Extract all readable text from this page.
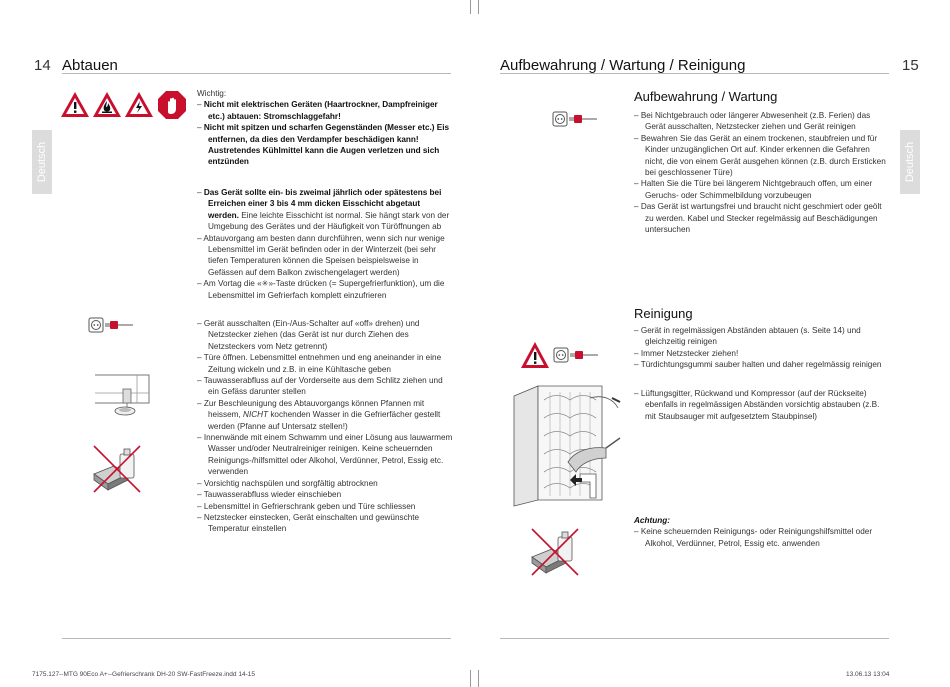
14 Abtauen
Deutsch

Wichtig:

– Nicht mit elektrischen Geräten (Haartrockner, Dampfreiniger etc.) abtauen: Stromschlaggefahr!

– Nicht mit spitzen und scharfen Gegenständen (Messer etc.) Eis entfernen, da dies den Verdampfer beschädigen kann! Austretendes Kühlmittel kann die Augen verletzen und sich entzünden

– Das Gerät sollte ein- bis zweimal jährlich oder spätestens bei Erreichen einer 3 bis 4 mm dicken Eisschicht abgetaut werden. Eine leichte Eisschicht ist normal. Sie hängt stark von der Umgebung des Gerätes und der Häufigkeit von Türöffnungen ab

– Abtauvorgang am besten dann durchführen, wenn sich nur wenige Lebensmittel im Gerät befinden oder in der Winterzeit (bei sehr tiefen Temperaturen können die Speisen beispielsweise in Gefässen auf dem Balkon zwischengelagert werden)

– Am Vortag die «✳»-Taste drücken (= Supergefrierfunktion), um die Lebensmittel im Gefrierfach komplett einzufrieren

– Gerät ausschalten (Ein-/Aus-Schalter auf «off» drehen) und Netzstecker ziehen (das Gerät ist nur durch Ziehen des Netzsteckers vom Netz getrennt)

– Türe öffnen. Lebensmittel entnehmen und eng aneinander in eine Zeitung wickeln und z.B. in eine Kühltasche geben

– Tauwasserabfluss auf der Vorderseite aus dem Schlitz ziehen und ein Gefäss darunter stellen

– Zur Beschleunigung des Abtauvorgangs können Pfannen mit heissem, NICHT kochenden Wasser in die Gefrierfächer gestellt werden (Pfanne auf Untersatz stellen!)

– Innenwände mit einem Schwamm und einer Lösung aus lauwarmem Wasser und/oder Neutralreiniger reinigen. Keine scheuernden Reinigungs-/hilfsmittel oder Alkohol, Verdünner, Petrol, Essig etc. verwenden

– Vorsichtig nachspülen und sorgfältig abtrocknen

– Tauwasserabfluss wieder einschieben

– Lebensmittel in Gefrierschrank geben und Türe schliessen

– Netzstecker einstecken, Gerät einschalten und gewünschte Temperatur einstellen

Aufbewahrung / Wartung / Reinigung	15
Deutsch
Aufbewahrung / Wartung

– Bei Nichtgebrauch oder längerer Abwesenheit (z.B. Ferien) das Gerät ausschalten, Netzstecker ziehen und Gerät reinigen

– Bewahren Sie das Gerät an einem trockenen, staubfreien und für Kinder unzugänglichen Ort auf. Kinder erkennen die Gefahren nicht, die von einem Gerät ausgehen können (z.B. durch Ersticken bei geschlossener Türe)

– Halten Sie die Türe bei längerem Nichtgebrauch offen, um einer Geruchs- oder Schimmelbildung vorzubeugen

– Das Gerät ist wartungsfrei und braucht nicht geschmiert oder geölt zu werden. Kabel und Stecker regelmässig auf Beschädigungen untersuchen

Reinigung

– Gerät in regelmässigen Abständen abtauen (s. Seite 14) und gleichzeitig reinigen

– Immer Netzstecker ziehen!

– Türdichtungsgummi sauber halten und daher regelmässig reinigen

– Lüftungsgitter, Rückwand und Kompressor (auf der Rückseite) ebenfalls in regelmässigen Abständen vorsichtig abstauben (z.B. mit Staubsauger mit aufgesetztem Staubpinsel)

Achtung:

– Keine scheuernden Reinigungs- oder Reinigungshilfsmittel oder Alkohol, Verdünner, Petrol, Essig etc. anwenden

7175.127--MTG 90Eco A+--Gefrierschrank DH-20 SW-FastFreeze.indd 14-15	13.06.13 13:04
